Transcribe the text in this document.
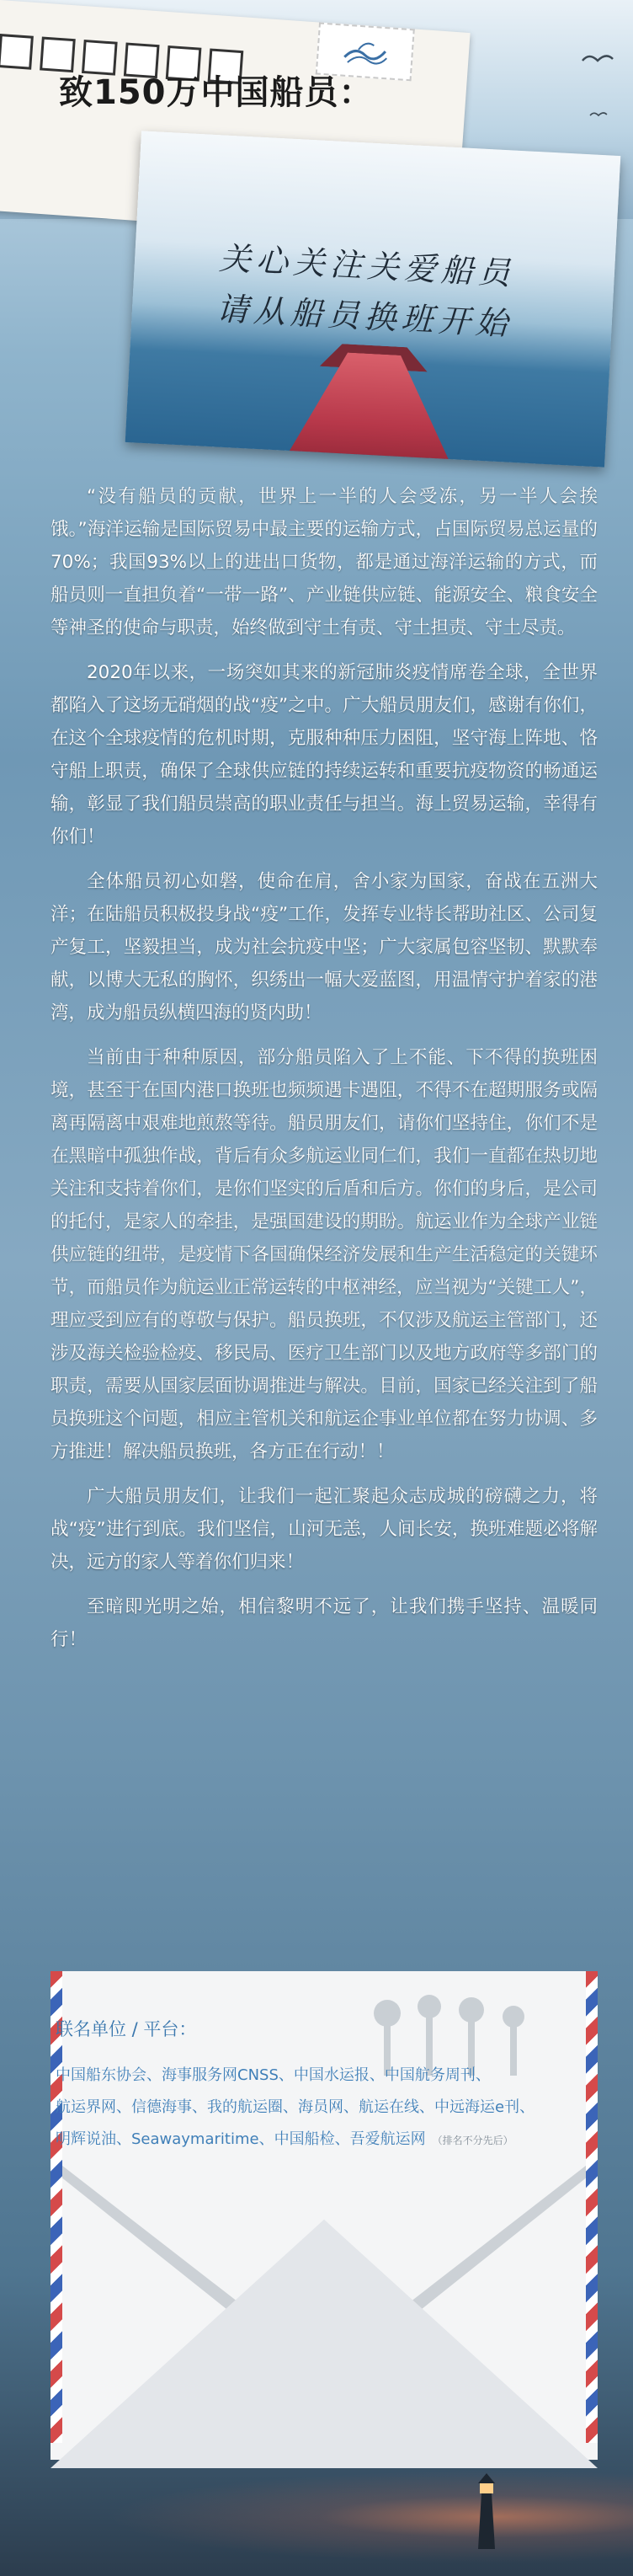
致150万中国船员：

关心关注关爱船员
请从船员换班开始

“没有船员的贡献，世界上一半的人会受冻，另一半人会挨饿。”海洋运输是国际贸易中最主要的运输方式，占国际贸易总运量的70%；我国93%以上的进出口货物，都是通过海洋运输的方式，而船员则一直担负着“一带一路”、产业链供应链、能源安全、粮食安全等神圣的使命与职责，始终做到守土有责、守土担责、守土尽责。

2020年以来，一场突如其来的新冠肺炎疫情席卷全球，全世界都陷入了这场无硝烟的战“疫”之中。广大船员朋友们，感谢有你们，在这个全球疫情的危机时期，克服种种压力困阻，坚守海上阵地、恪守船上职责，确保了全球供应链的持续运转和重要抗疫物资的畅通运输，彰显了我们船员崇高的职业责任与担当。海上贸易运输，幸得有你们！

全体船员初心如磐，使命在肩，舍小家为国家，奋战在五洲大洋；在陆船员积极投身战“疫”工作，发挥专业特长帮助社区、公司复产复工，坚毅担当，成为社会抗疫中坚；广大家属包容坚韧、默默奉献，以博大无私的胸怀，织绣出一幅大爱蓝图，用温情守护着家的港湾，成为船员纵横四海的贤内助！

当前由于种种原因，部分船员陷入了上不能、下不得的换班困境，甚至于在国内港口换班也频频遇卡遇阻，不得不在超期服务或隔离再隔离中艰难地煎熬等待。船员朋友们，请你们坚持住，你们不是在黑暗中孤独作战，背后有众多航运业同仁们，我们一直都在热切地关注和支持着你们，是你们坚实的后盾和后方。你们的身后，是公司的托付，是家人的牵挂，是强国建设的期盼。航运业作为全球产业链供应链的纽带，是疫情下各国确保经济发展和生产生活稳定的关键环节，而船员作为航运业正常运转的中枢神经，应当视为“关键工人”，理应受到应有的尊敬与保护。船员换班，不仅涉及航运主管部门，还涉及海关检验检疫、移民局、医疗卫生部门以及地方政府等多部门的职责，需要从国家层面协调推进与解决。目前，国家已经关注到了船员换班这个问题，相应主管机关和航运企事业单位都在努力协调、多方推进！解决船员换班，各方正在行动！！

广大船员朋友们，让我们一起汇聚起众志成城的磅礴之力，将战“疫”进行到底。我们坚信，山河无恙，人间长安，换班难题必将解决，远方的家人等着你们归来！

至暗即光明之始，相信黎明不远了，让我们携手坚持、温暖同行！

联名单位 / 平台：

中国船东协会、海事服务网CNSS、中国水运报、中国航务周刊、
航运界网、信德海事、我的航运圈、海员网、航运在线、中远海运e刊、
明辉说油、Seawaymaritime、中国船检、吾爱航运网 （排名不分先后）
